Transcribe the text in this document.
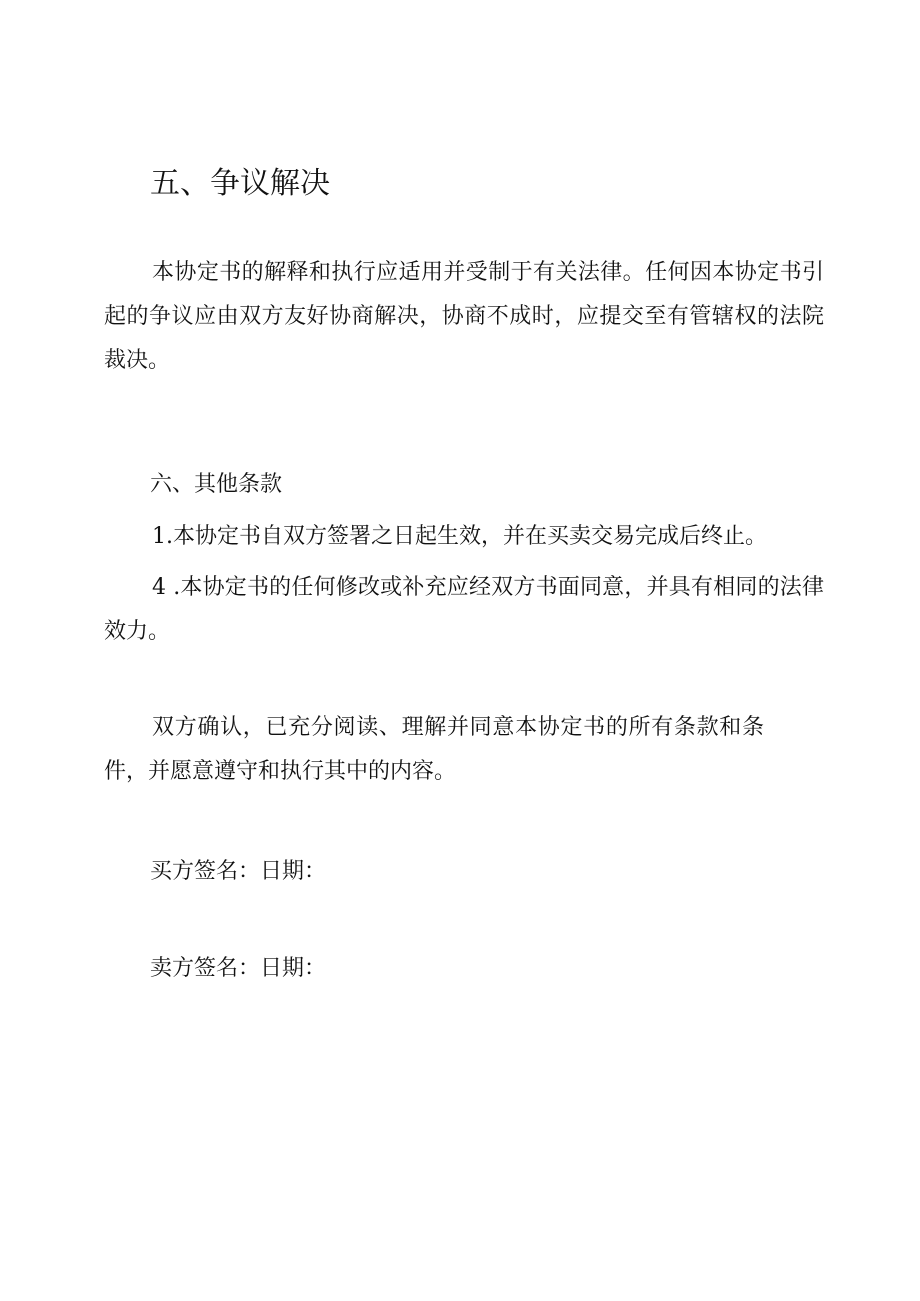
五、争议解决

本协定书的解释和执行应适用并受制于有关法律。任何因本协定书引起的争议应由双方友好协商解决，协商不成时，应提交至有管辖权的法院裁决。

六、其他条款

1.本协定书自双方签署之日起生效，并在买卖交易完成后终止。

4 .本协定书的任何修改或补充应经双方书面同意，并具有相同的法律效力。

双方确认，已充分阅读、理解并同意本协定书的所有条款和条件，并愿意遵守和执行其中的内容。

买方签名：日期：

卖方签名：日期：
